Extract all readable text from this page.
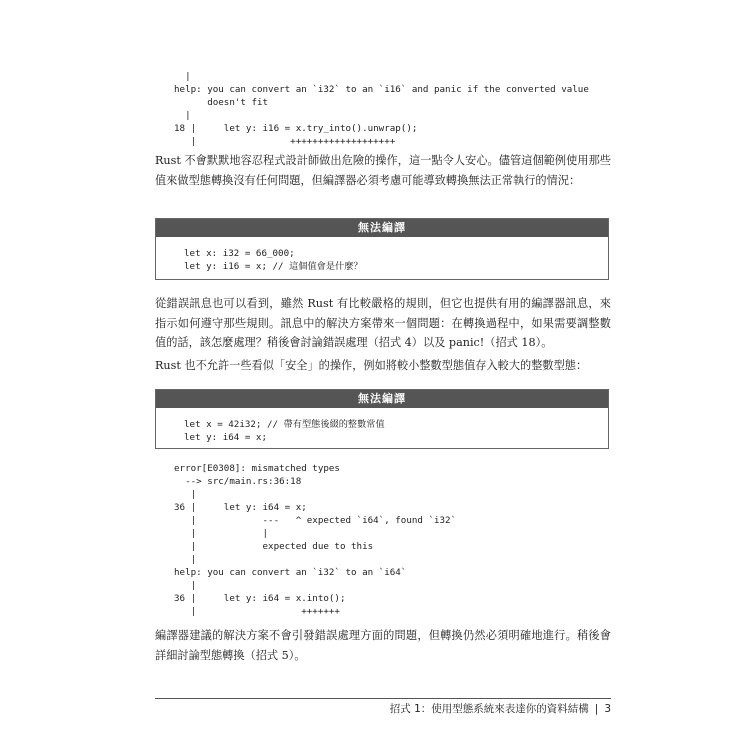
|
help: you can convert an `i32` to an `i16` and panic if the converted value
doesn't fit
|
18 |     let y: i16 = x.try_into().unwrap();
|                 +++++++++++++++++++

Rust 不會默默地容忍程式設計師做出危險的操作，這一點令人安心。儘管這個範例使用那些值來做型態轉換沒有任何問題，但編譯器必須考慮可能導致轉換無法正常執行的情況：

無法編譯
let x: i32 = 66_000;
let y: i16 = x; // 這個值會是什麼？

從錯誤訊息也可以看到，雖然 Rust 有比較嚴格的規則，但它也提供有用的編譯器訊息，來指示如何遵守那些規則。訊息中的解決方案帶來一個問題：在轉換過程中，如果需要調整數值的話，該怎麼處理？稍後會討論錯誤處理（招式 4）以及 panic!（招式 18）。

Rust 也不允許一些看似「安全」的操作，例如將較小整數型態值存入較大的整數型態：

無法編譯
let x = 42i32; // 帶有型態後綴的整數常值
let y: i64 = x;
error[E0308]: mismatched types
--> src/main.rs:36:18
|
36 |     let y: i64 = x;
|            ---   ^ expected `i64`, found `i32`
|            |
|            expected due to this
|
help: you can convert an `i32` to an `i64`
|
36 |     let y: i64 = x.into();
|                   +++++++

編譯器建議的解決方案不會引發錯誤處理方面的問題，但轉換仍然必須明確地進行。稍後會詳細討論型態轉換（招式 5）。

招式 1：使用型態系統來表達你的資料結構 | 3
